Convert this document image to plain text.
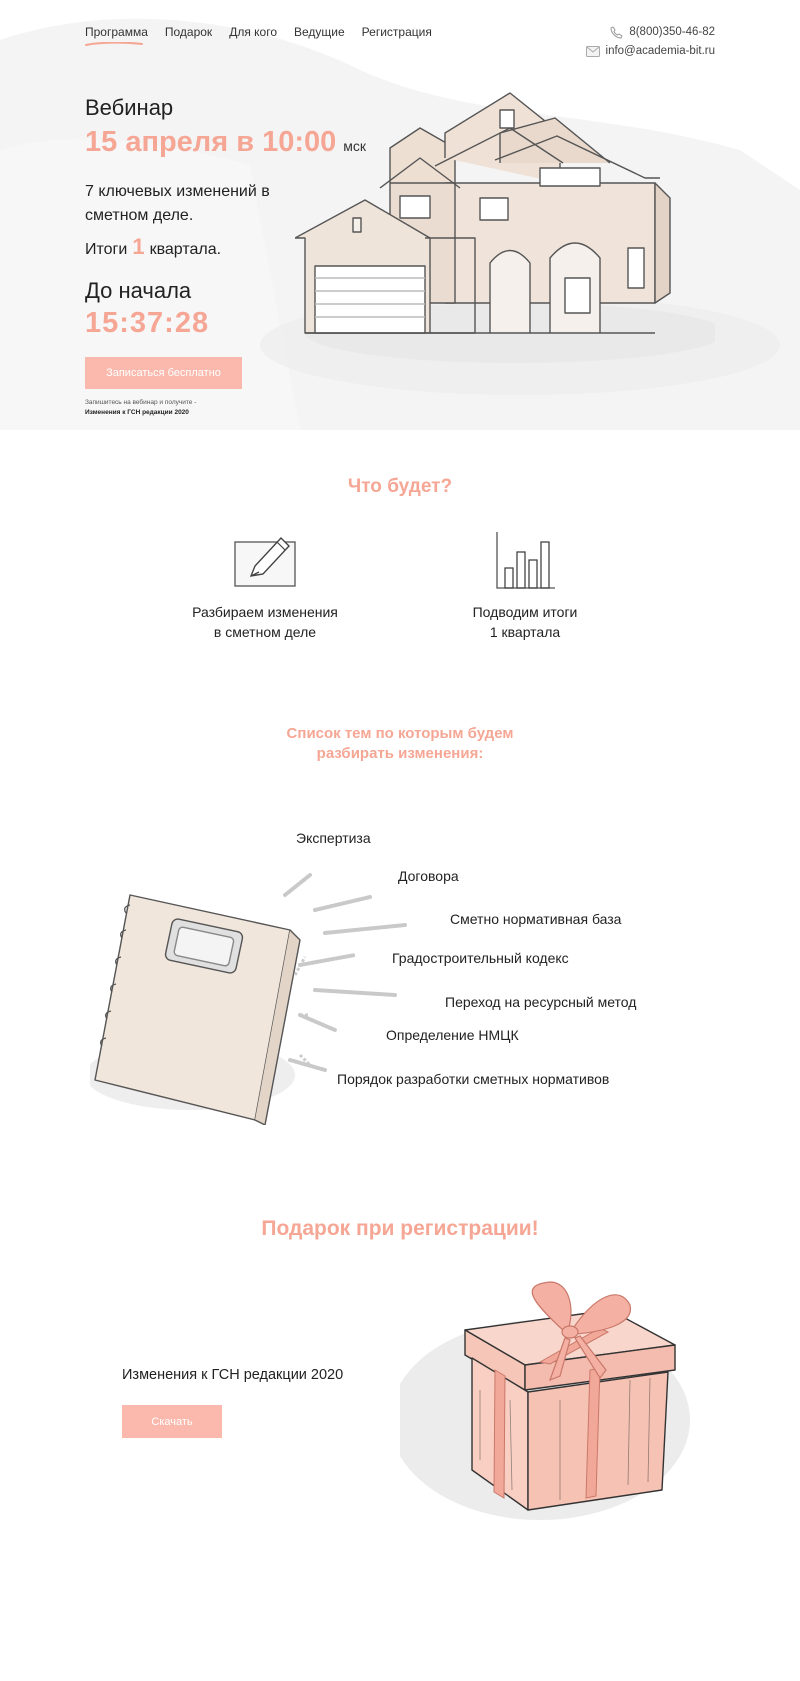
Программа Подарок Для кого Ведущие Регистрация	8(800)350-46-82
info@academia-bit.ru
Вебинар
15 апреля в 10:00 мск
7 ключевых изменений в сметном деле.
Итоги 1 квартала.
До начала
15:37:28
Записаться бесплатно
Запишитесь на вебинар и получите -
Изменения к ГСН редакции 2020
Что будет?
Разбираем изменения
в сметном деле
Подводим итоги
1 квартала
Список тем по которым будем
разбирать изменения:
Экспертиза
Договора
Сметно нормативная база
Градостроительный кодекс
Переход на ресурсный метод
Определение НМЦК
Порядок разработки сметных нормативов
Подарок при регистрации!
Изменения к ГСН редакции 2020
Скачать
